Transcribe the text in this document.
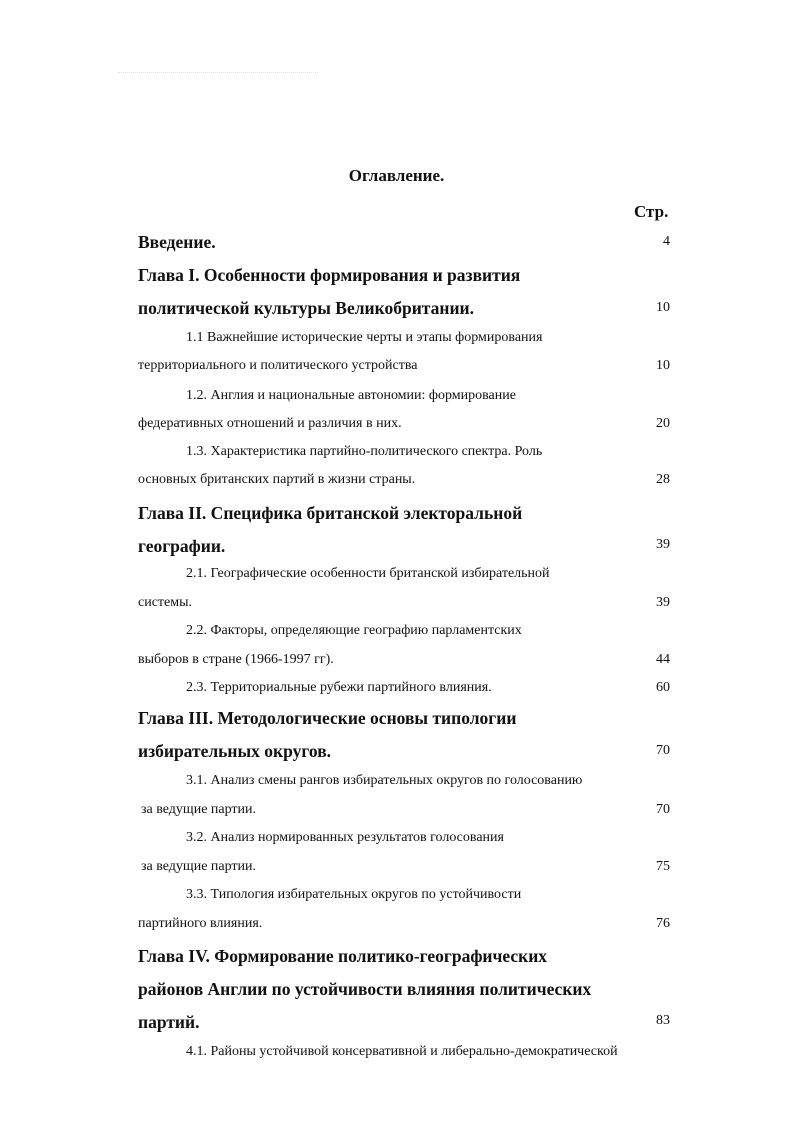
Оглавление.
Стр.
Введение.	4
Глава I. Особенности формирования и развития
политической культуры Великобритании.	10
1.1 Важнейшие исторические черты и этапы формирования
территориального и политического устройства	10
1.2. Англия и национальные автономии: формирование
федеративных отношений и различия в них.	20
1.3. Характеристика партийно-политического спектра. Роль
основных британских партий в жизни страны.	28
Глава II. Специфика британской электоральной
географии.	39
2.1. Географические особенности британской избирательной
системы.	39
2.2. Факторы, определяющие географию парламентских
выборов в стране (1966-1997 гг).	44
2.3. Территориальные рубежи партийного влияния.	60
Глава III. Методологические основы типологии
избирательных округов.	70
3.1. Анализ смены рангов избирательных округов по голосованию
за ведущие партии.	70
3.2. Анализ нормированных результатов голосования
за ведущие партии.	75
3.3. Типология избирательных округов по устойчивости
партийного влияния.	76
Глава IV. Формирование политико-географических
районов Англии по устойчивости влияния политических
партий.	83
4.1. Районы устойчивой консервативной и либерально-демократической
